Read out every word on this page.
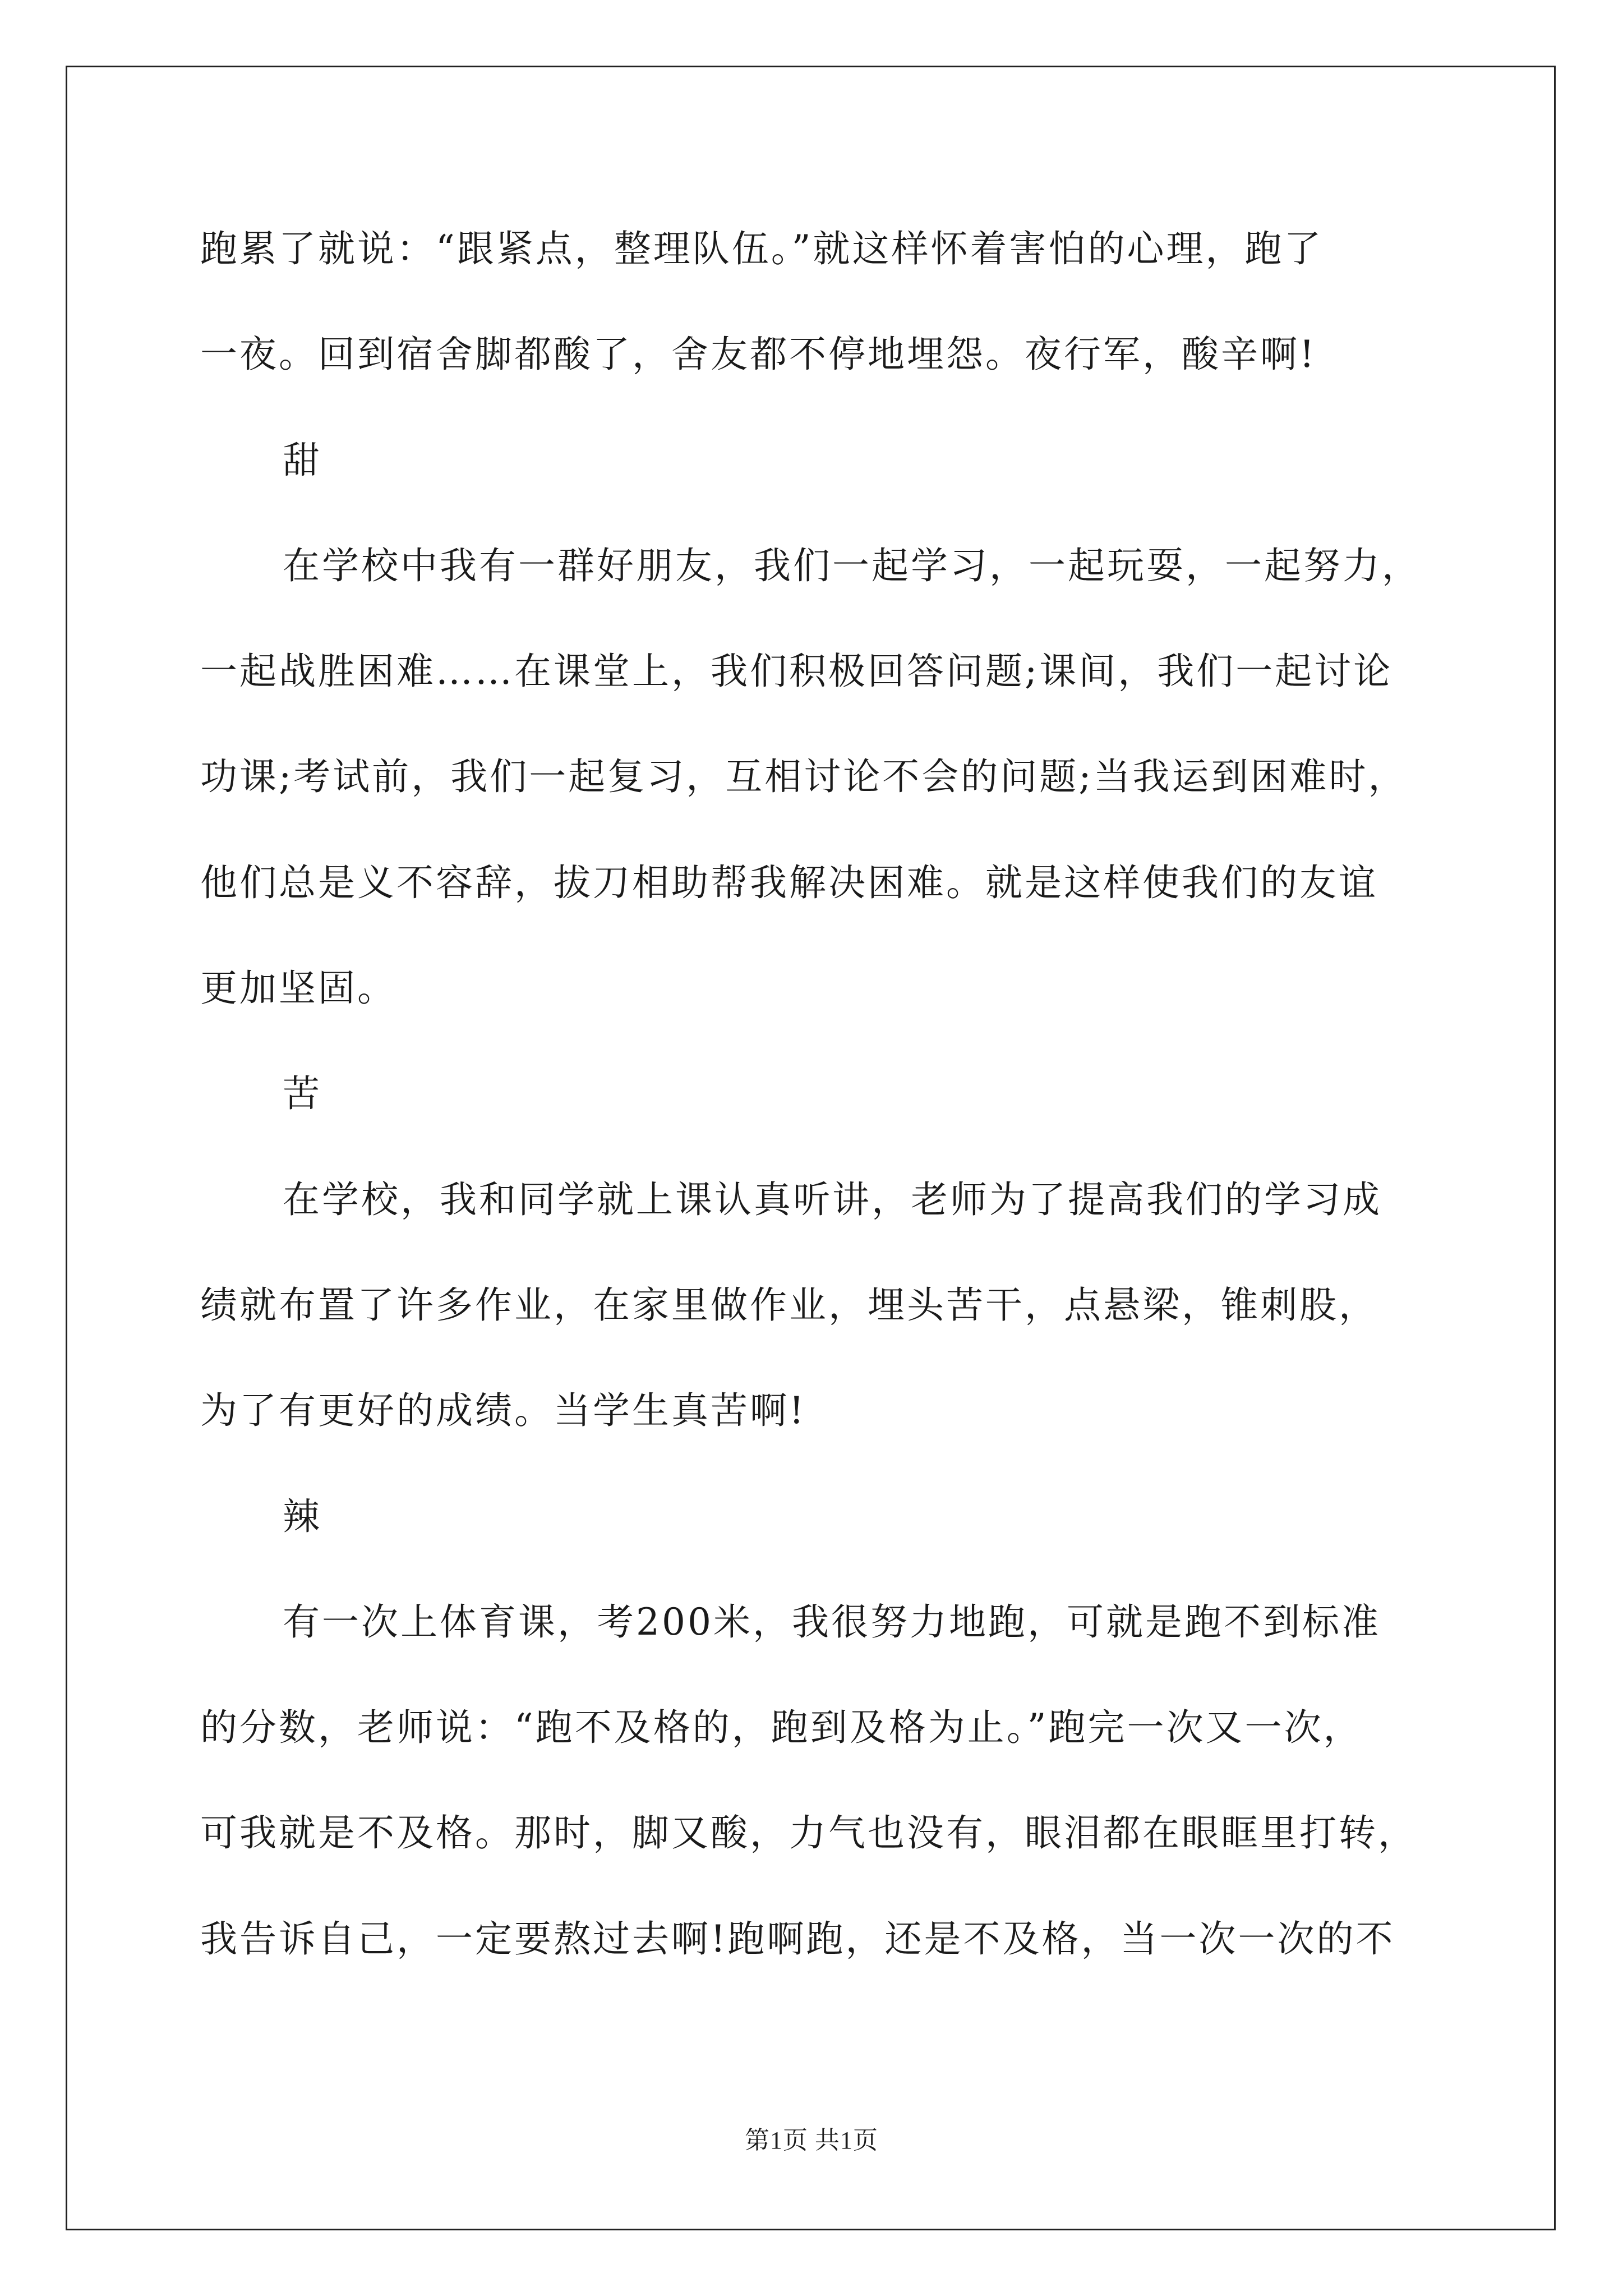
跑累了就说：“跟紧点，整理队伍。”就这样怀着害怕的心理，跑了
一夜。回到宿舍脚都酸了，舍友都不停地埋怨。夜行军，酸辛啊!
甜
在学校中我有一群好朋友，我们一起学习，一起玩耍，一起努力，
一起战胜困难……在课堂上，我们积极回答问题;课间，我们一起讨论
功课;考试前，我们一起复习，互相讨论不会的问题;当我运到困难时，
他们总是义不容辞，拔刀相助帮我解决困难。就是这样使我们的友谊
更加坚固。
苦
在学校，我和同学就上课认真听讲，老师为了提高我们的学习成
绩就布置了许多作业，在家里做作业，埋头苦干，点悬梁，锥刺股，
为了有更好的成绩。当学生真苦啊!
辣
有一次上体育课，考200米，我很努力地跑，可就是跑不到标准
的分数，老师说：“跑不及格的，跑到及格为止。”跑完一次又一次，
可我就是不及格。那时，脚又酸，力气也没有，眼泪都在眼眶里打转，
我告诉自己，一定要熬过去啊!跑啊跑，还是不及格，当一次一次的不
第1页 共1页
